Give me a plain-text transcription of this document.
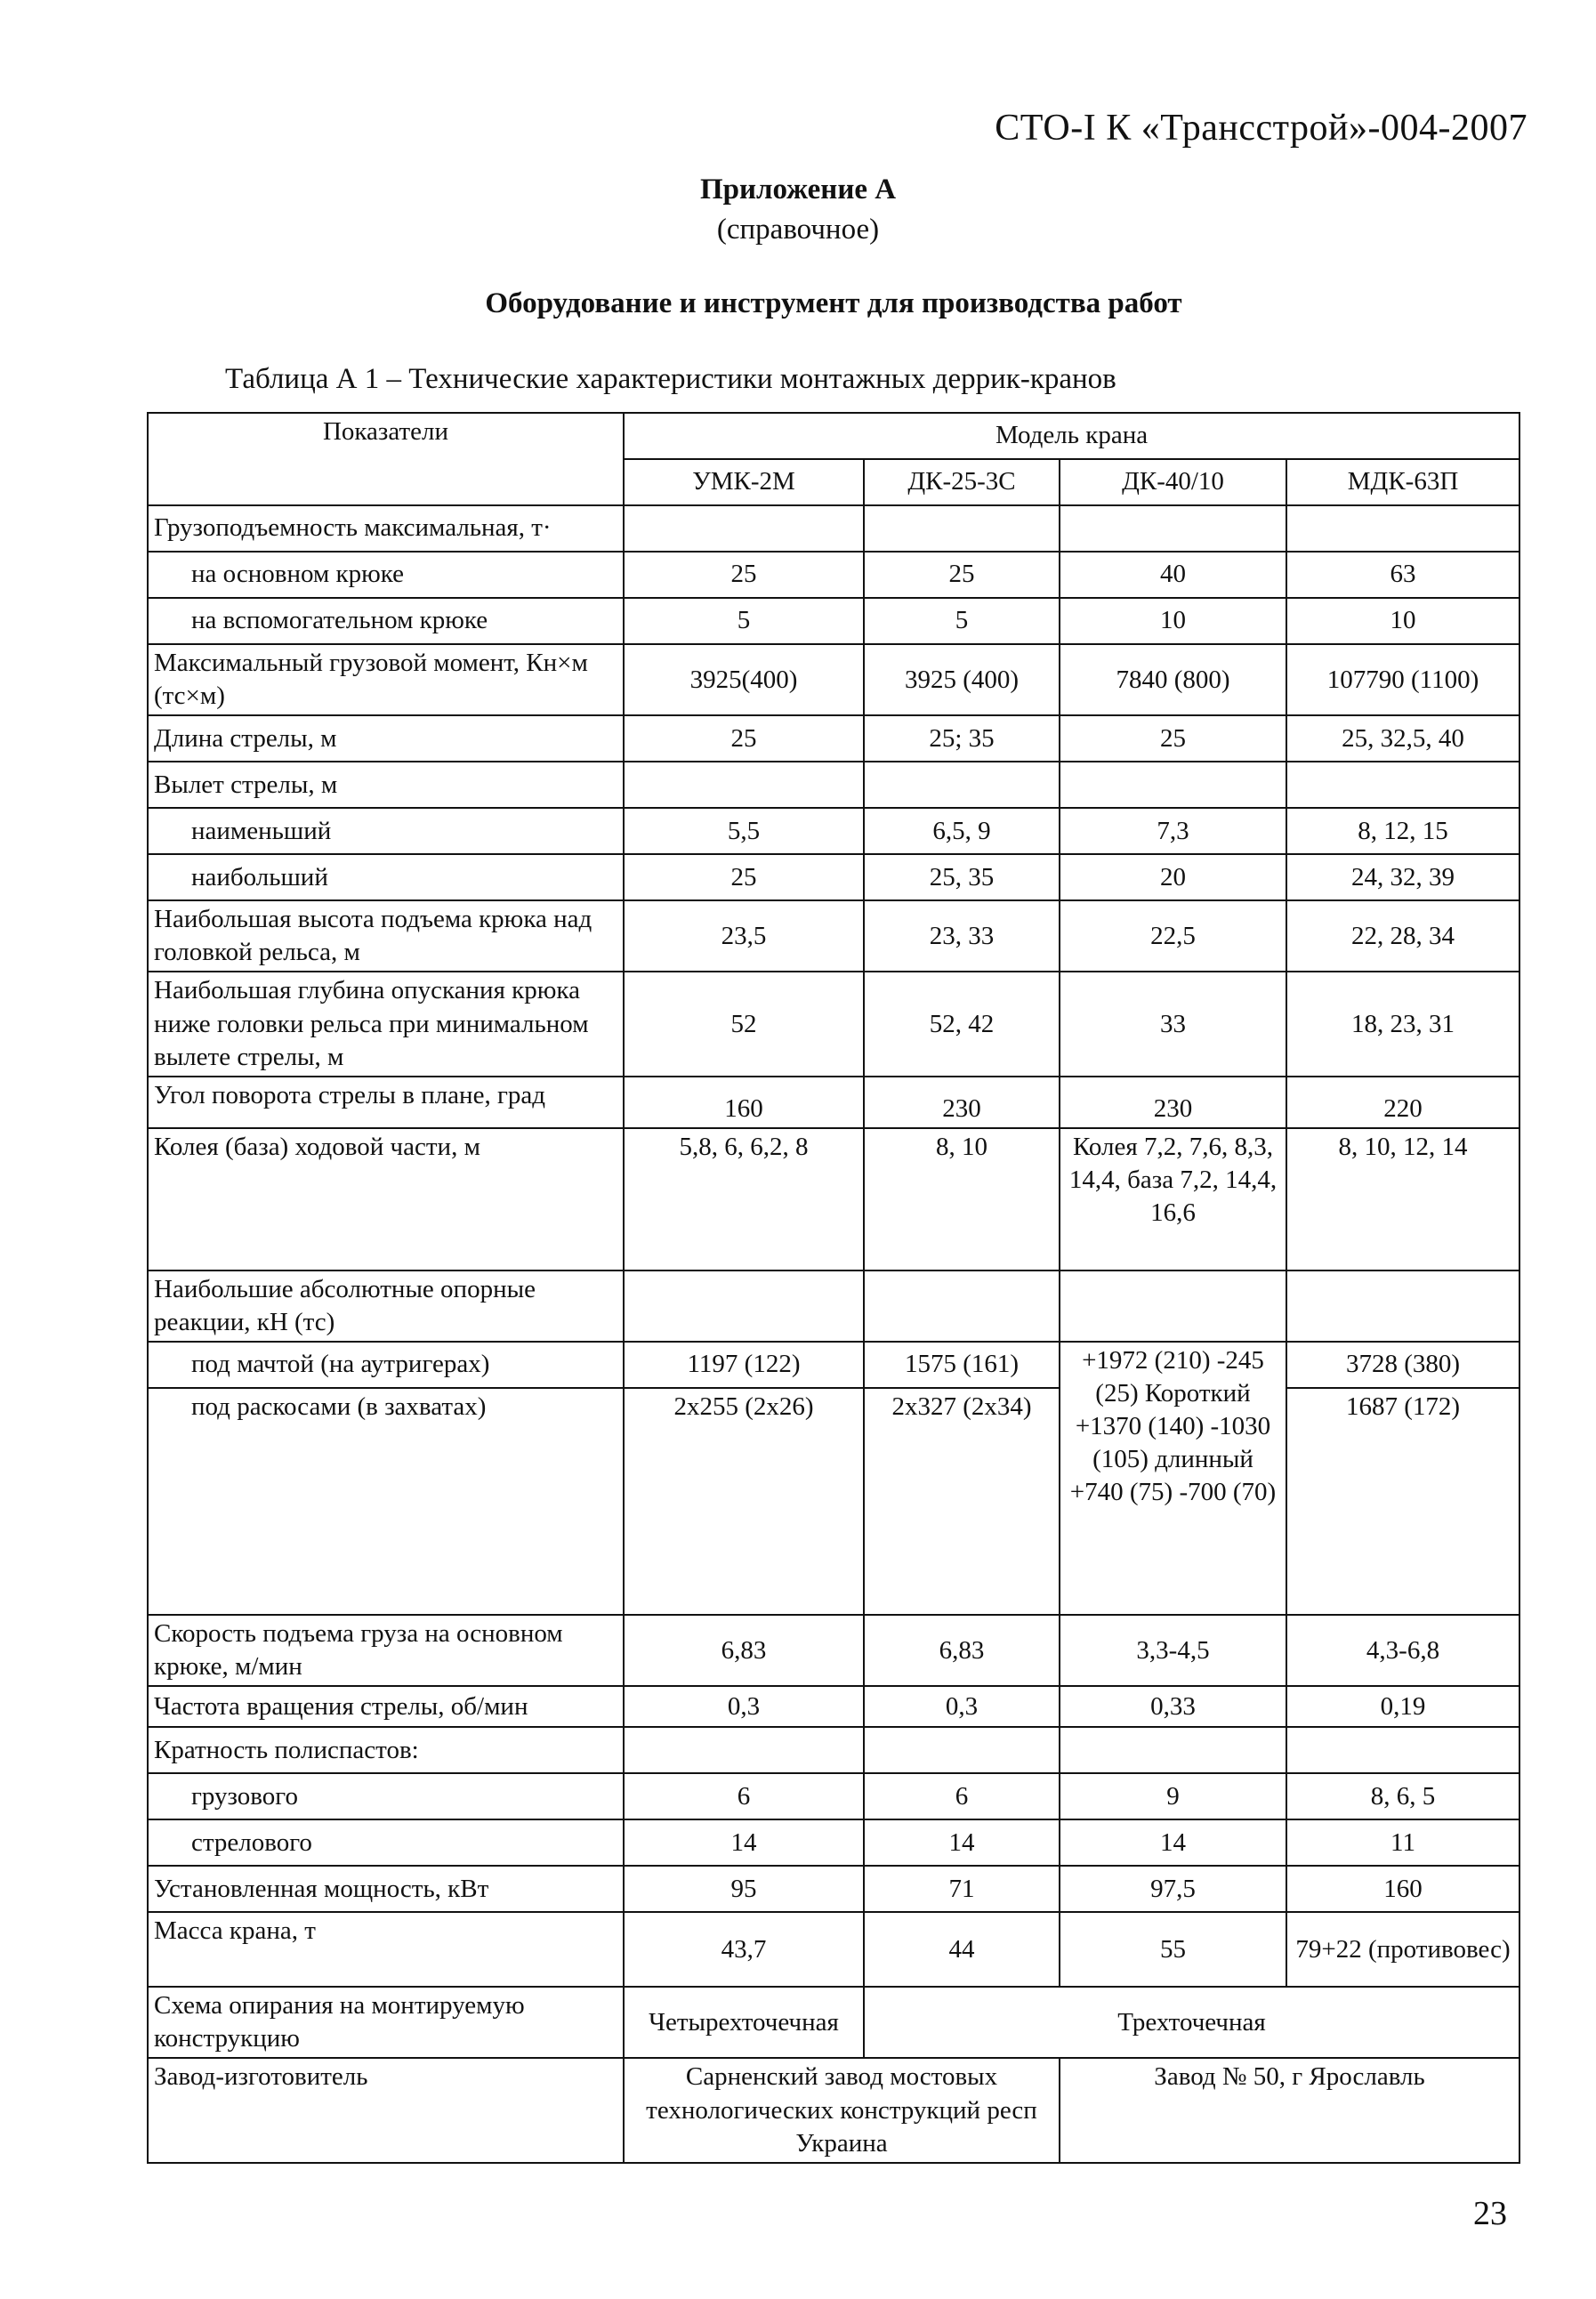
СТО-I К «Трансстрой»-004-2007
Приложение А
(справочное)
Оборудование и инструмент для производства работ
Таблица А 1 – Технические характеристики монтажных деррик-кранов
Показатели	Модель крана			
	УМК-2М	ДК-25-3С	ДК-40/10	МДК-63П
Грузоподъемность максимальная, т·				
на основном крюке	25	25	40	63
на вспомогательном крюке	5	5	10	10
Максимальный грузовой момент, Кн×м (тс×м)	3925(400)	3925 (400)	7840 (800)	107790 (1100)
Длина стрелы, м	25	25; 35	25	25, 32,5, 40
Вылет стрелы, м				
наименьший	5,5	6,5, 9	7,3	8, 12, 15
наибольший	25	25, 35	20	24, 32, 39
Наибольшая высота подъема крюка над головкой рельса, м	23,5	23, 33	22,5	22, 28, 34
Наибольшая глубина опускания крюка ниже головки рельса при минимальном вылете стрелы, м	52	52, 42	33	18, 23, 31
Угол поворота стрелы в плане, град	160	230	230	220
Колея (база) ходовой части, м	5,8, 6, 6,2, 8	8, 10	Колея 7,2, 7,6, 8,3, 14,4, база 7,2, 14,4, 16,6	8, 10, 12, 14
Наибольшие абсолютные опорные реакции, кН (тс)				
под мачтой (на аутригерах)	1197 (122)	1575 (161)	+1972 (210) -245 (25) Короткий +1370 (140) -1030 (105) длинный +740 (75) -700 (70)	3728 (380)
под раскосами (в захватах)	2х255 (2х26)	2х327 (2х34)		1687 (172)
Скорость подъема груза на основном крюке, м/мин	6,83	6,83	3,3-4,5	4,3-6,8
Частота вращения стрелы, об/мин	0,3	0,3	0,33	0,19
Кратность полиспастов:				
грузового	6	6	9	8, 6, 5
стрелового	14	14	14	11
Установленная мощность, кВт	95	71	97,5	160
Масса крана, т	43,7	44	55	79+22 (противовес)
Схема опирания на монтируемую конструкцию	Четырехточечная	Трехточечная		
Завод-изготовитель	Сарненский завод мостовых технологических конструкций респ Украина		Завод № 50, г Ярославль	
23
